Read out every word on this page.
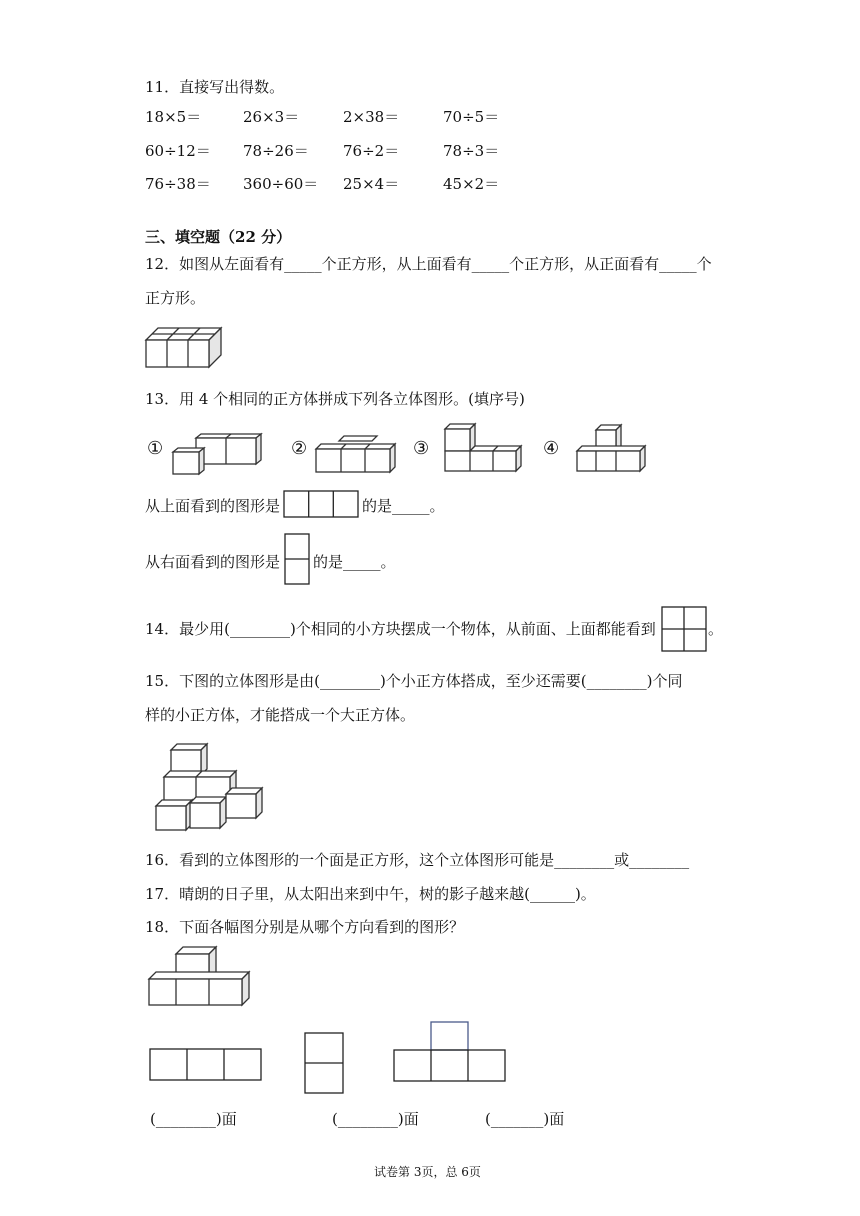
11．直接写出得数。
18×5＝	26×3＝	2×38＝	70÷5＝
60÷12＝ 78÷26＝ 76÷2＝	78÷3＝
76÷38＝ 360÷60＝ 25×4＝	45×2＝
三、填空题（22 分）
12．如图从左面看有_____个正方形，从上面看有_____个正方形，从正面看有_____个
正方形。
13．用 4 个相同的正方体拼成下列各立体图形。(填序号)
①	②	③	④
从上面看到的图形是	的是_____。
从右面看到的图形是 的是_____。
14．最少用(________)个相同的小方块摆成一个物体，从前面、上面都能看到	。
15．下图的立体图形是由(________)个小正方体搭成，至少还需要(________)个同
样的小正方体，才能搭成一个大正方体。
16．看到的立体图形的一个面是正方形，这个立体图形可能是________或________
17．晴朗的日子里，从太阳出来到中午，树的影子越来越(______)。
18．下面各幅图分别是从哪个方向看到的图形？
(________)面	(________)面	(_______)面
试卷第 3页，总 6页
